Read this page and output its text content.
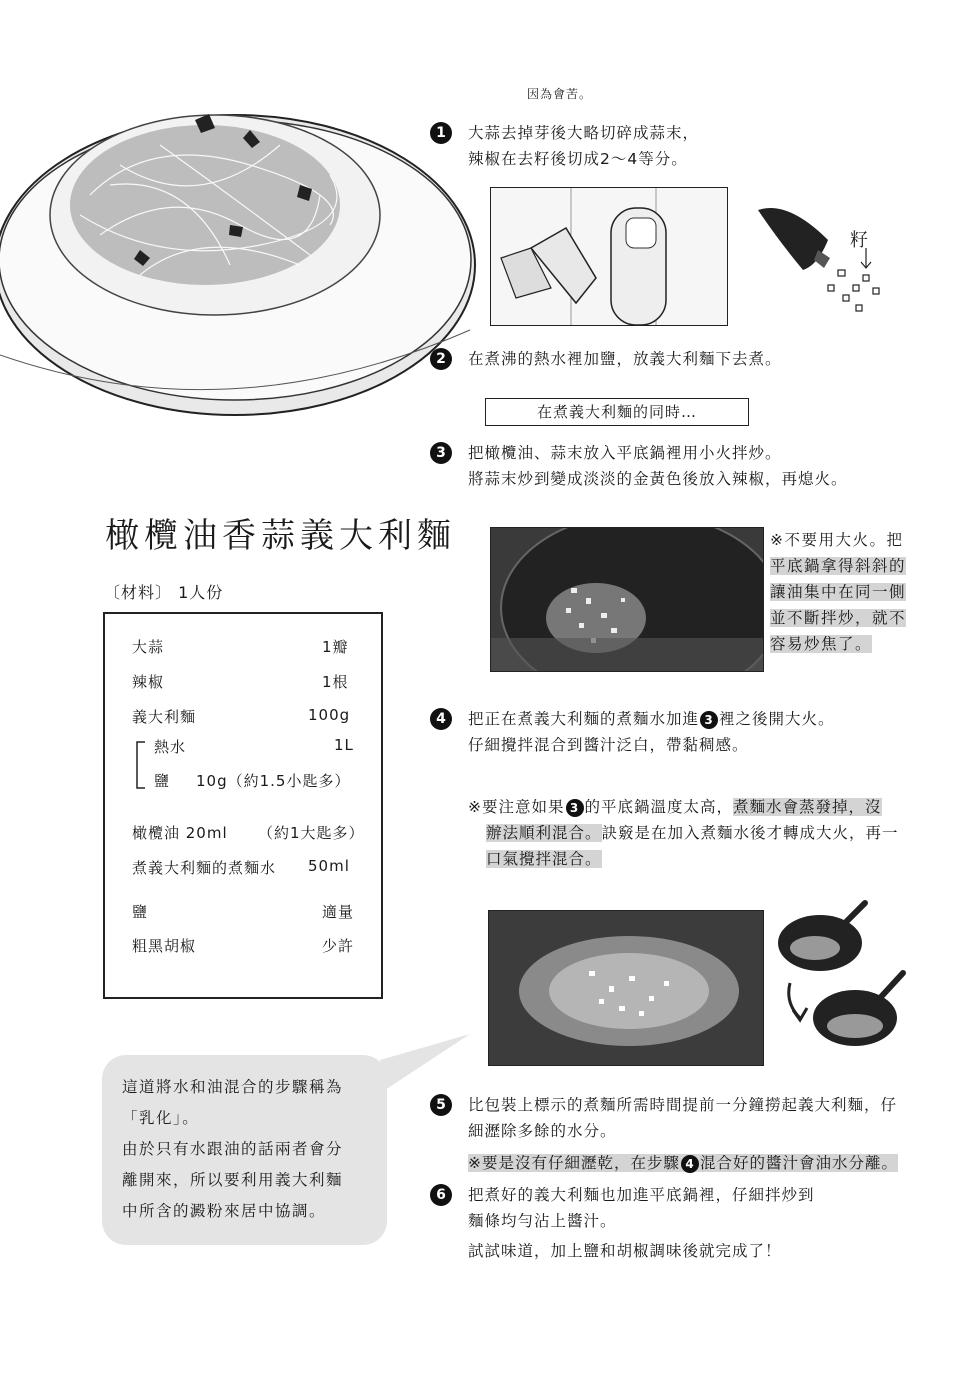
因為會苦。
1	大蒜去掉芽後大略切碎成蒜末，
辣椒在去籽後切成2～4等分。
籽
2	在煮沸的熱水裡加鹽，放義大利麵下去煮。
在煮義大利麵的同時…
3	把橄欖油、蒜末放入平底鍋裡用小火拌炒。
將蒜末炒到變成淡淡的金黃色後放入辣椒，再熄火。
橄欖油香蒜義大利麵	※不要用大火。把
平底鍋拿得斜斜的
讓油集中在同一側
並不斷拌炒，就不
容易炒焦了。
〔材料〕 1人份
大蒜	1瓣
辣椒	1根
義大利麵	100g
熱水	1L
鹽 10g（約1.5小匙多）
橄欖油 20ml （約1大匙多）
煮義大利麵的煮麵水 50ml
鹽	適量
粗黑胡椒	少許
4	把正在煮義大利麵的煮麵水加進 3 裡之後開大火。
仔細攪拌混合到醬汁泛白，帶黏稠感。
※要注意如果 3 的平底鍋溫度太高，煮麵水會蒸發掉，沒
辦法順利混合。訣竅是在加入煮麵水後才轉成大火，再一
口氣攪拌混合。
這道將水和油混合的步驟稱為
「乳化」。
由於只有水跟油的話兩者會分
離開來，所以要利用義大利麵
中所含的澱粉來居中協調。
5	比包裝上標示的煮麵所需時間提前一分鐘撈起義大利麵，仔
細瀝除多餘的水分。
※要是沒有仔細瀝乾，在步驟 4 混合好的醬汁會油水分離。
6	把煮好的義大利麵也加進平底鍋裡，仔細拌炒到
麵條均勻沾上醬汁。
試試味道，加上鹽和胡椒調味後就完成了！
